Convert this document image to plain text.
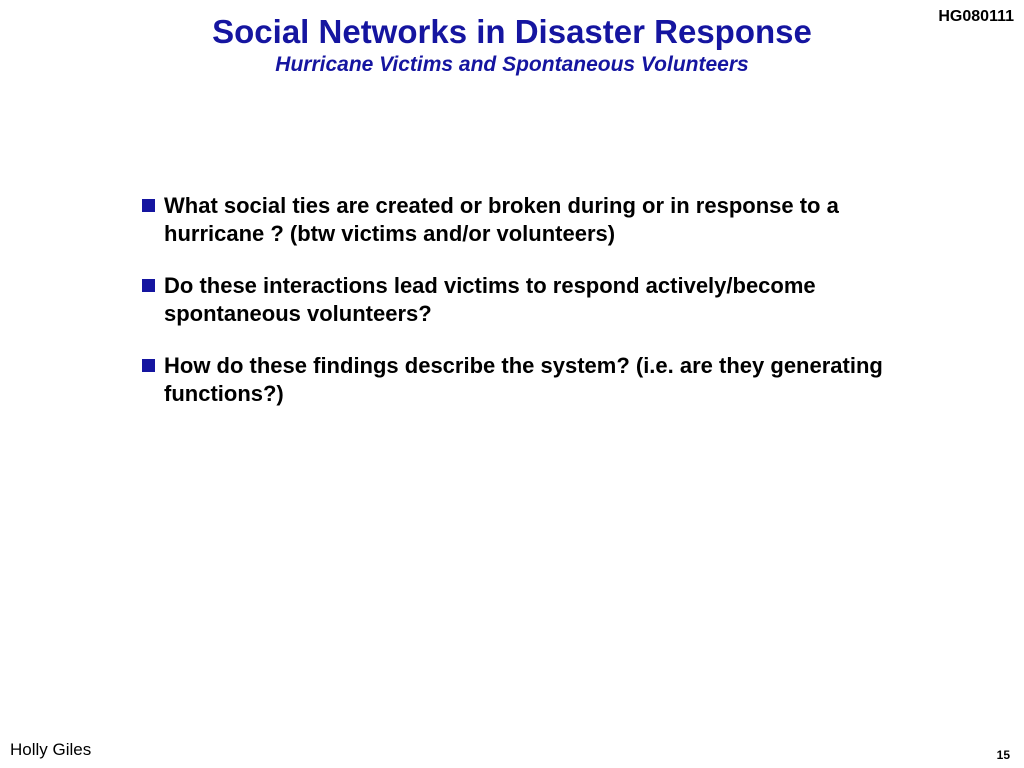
HG080111
Social Networks in Disaster Response
Hurricane Victims and Spontaneous Volunteers
What social ties are created or broken during or in response to a hurricane ? (btw victims and/or volunteers)
Do these interactions lead victims to respond actively/become spontaneous volunteers?
How do these findings describe the system? (i.e. are they generating functions?)
Holly Giles	15
